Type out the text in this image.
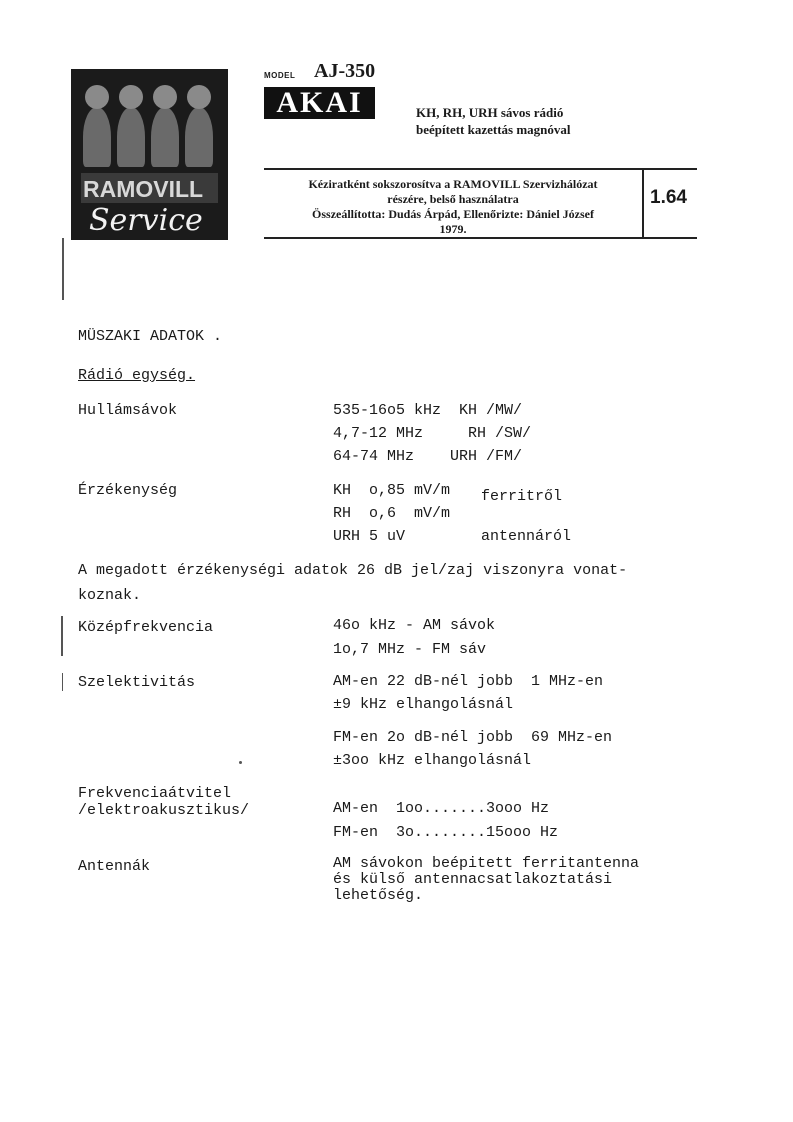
RAMOVILL
Service
MODEL AJ-350
AKAI	KH, RH, URH sávos rádió
beépített kazettás magnóval
Kéziratként sokszorosítva a RAMOVILL Szervizhálózat
részére, belső használatra
Összeállította: Dudás Árpád, Ellenőrizte: Dániel József
1979.
1.64
MÜSZAKI ADATOK .
Rádió egység.
Hullámsávok	535-16o5 kHz  KH /MW/
4,7-12 MHz     RH /SW/
64-74 MHz    URH /FM/
Érzékenység	KH  o,85 mV/m ferritről
RH  o,6  mV/m
URH 5 uV	antennáról
A megadott érzékenységi adatok 26 dB jel/zaj viszonyra vonat-
koznak.
Középfrekvencia	46o kHz - AM sávok
1o,7 MHz - FM sáv
Szelektivitás	AM-en 22 dB-nél jobb  1 MHz-en
±9 kHz elhangolásnál
FM-en 2o dB-nél jobb  69 MHz-en
±3oo kHz elhangolásnál
Frekvenciaátvitel
/elektroakusztikus/	AM-en  1oo.......3ooo Hz
FM-en  3o........15ooo Hz
Antennák	AM sávokon beépitett ferritantenna
és külső antennacsatlakoztatási
lehetőség.
